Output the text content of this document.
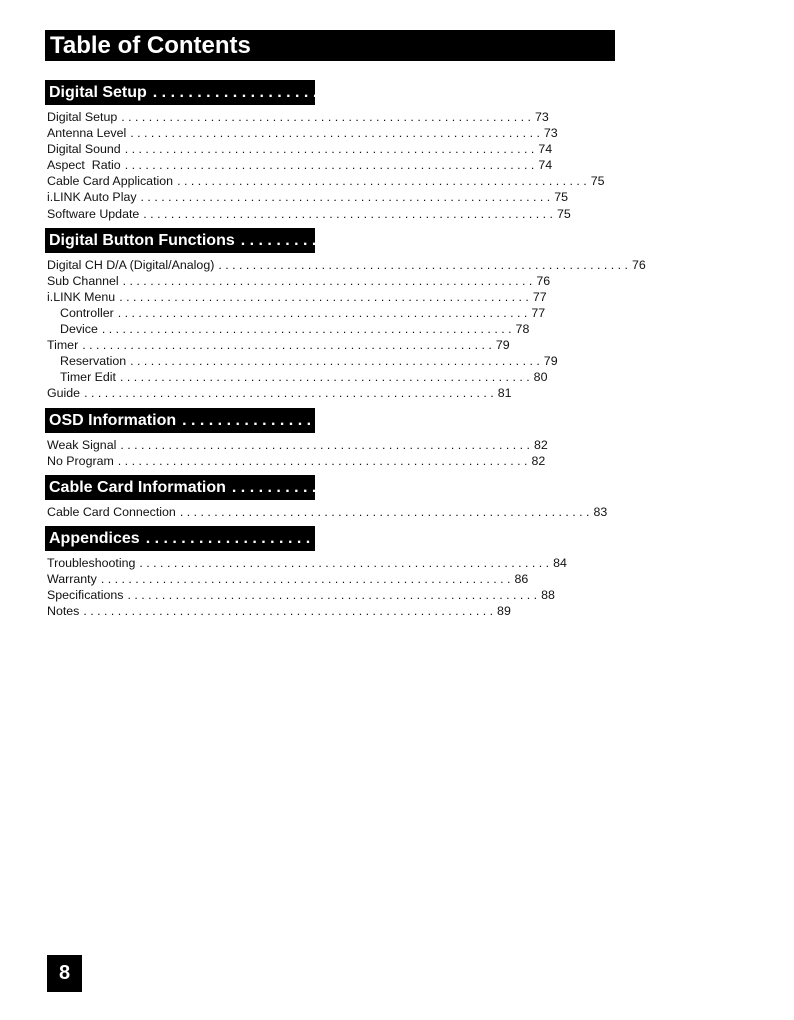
Table of Contents
Digital Setup . . . . . . . . . . . . . . . . . . . . . . . . . . . . . . . . . . . . . . . . . . . . . . . . . . . . . . . . . . . . 73
Digital Setup . . . . . . . . . . . . . . . . . . . . . . . . . . . . . . . . . . . . . . . . . . . . . . . . . . . . . . . . . . . . 73
Antenna Level . . . . . . . . . . . . . . . . . . . . . . . . . . . . . . . . . . . . . . . . . . . . . . . . . . . . . . . . . . . . 73
Digital Sound . . . . . . . . . . . . . . . . . . . . . . . . . . . . . . . . . . . . . . . . . . . . . . . . . . . . . . . . . . . . 74
Aspect  Ratio . . . . . . . . . . . . . . . . . . . . . . . . . . . . . . . . . . . . . . . . . . . . . . . . . . . . . . . . . . . . 74
Cable Card Application . . . . . . . . . . . . . . . . . . . . . . . . . . . . . . . . . . . . . . . . . . . . . . . . . . . . . . . . . . . . 75
i.LINK Auto Play . . . . . . . . . . . . . . . . . . . . . . . . . . . . . . . . . . . . . . . . . . . . . . . . . . . . . . . . . . . . 75
Software Update . . . . . . . . . . . . . . . . . . . . . . . . . . . . . . . . . . . . . . . . . . . . . . . . . . . . . . . . . . . . 75
Digital Button Functions . . . . . . . . . . . . . . . . . . . . . . . . . . . . . . . . . . . . . . . . . . . . . . . . . . . . . . . . . . . . 76
Digital CH D/A (Digital/Analog) . . . . . . . . . . . . . . . . . . . . . . . . . . . . . . . . . . . . . . . . . . . . . . . . . . . . . . . . . . . . 76
Sub Channel . . . . . . . . . . . . . . . . . . . . . . . . . . . . . . . . . . . . . . . . . . . . . . . . . . . . . . . . . . . . 76
i.LINK Menu . . . . . . . . . . . . . . . . . . . . . . . . . . . . . . . . . . . . . . . . . . . . . . . . . . . . . . . . . . . . 77
Controller . . . . . . . . . . . . . . . . . . . . . . . . . . . . . . . . . . . . . . . . . . . . . . . . . . . . . . . . . . . . 77
Device . . . . . . . . . . . . . . . . . . . . . . . . . . . . . . . . . . . . . . . . . . . . . . . . . . . . . . . . . . . . 78
Timer . . . . . . . . . . . . . . . . . . . . . . . . . . . . . . . . . . . . . . . . . . . . . . . . . . . . . . . . . . . . 79
Reservation . . . . . . . . . . . . . . . . . . . . . . . . . . . . . . . . . . . . . . . . . . . . . . . . . . . . . . . . . . . . 79
Timer Edit . . . . . . . . . . . . . . . . . . . . . . . . . . . . . . . . . . . . . . . . . . . . . . . . . . . . . . . . . . . . 80
Guide . . . . . . . . . . . . . . . . . . . . . . . . . . . . . . . . . . . . . . . . . . . . . . . . . . . . . . . . . . . . 81
OSD Information . . . . . . . . . . . . . . . . . . . . . . . . . . . . . . . . . . . . . . . . . . . . . . . . . . . . . . . . . . . . 82
Weak Signal . . . . . . . . . . . . . . . . . . . . . . . . . . . . . . . . . . . . . . . . . . . . . . . . . . . . . . . . . . . . 82
No Program . . . . . . . . . . . . . . . . . . . . . . . . . . . . . . . . . . . . . . . . . . . . . . . . . . . . . . . . . . . . 82
Cable Card Information . . . . . . . . . . . . . . . . . . . . . . . . . . . . . . . . . . . . . . . . . . . . . . . . . . . . . . . . . . . . 83
Cable Card Connection . . . . . . . . . . . . . . . . . . . . . . . . . . . . . . . . . . . . . . . . . . . . . . . . . . . . . . . . . . . . 83
Appendices . . . . . . . . . . . . . . . . . . . . . . . . . . . . . . . . . . . . . . . . . . . . . . . . . . . . . . . . . . . . 84
Troubleshooting . . . . . . . . . . . . . . . . . . . . . . . . . . . . . . . . . . . . . . . . . . . . . . . . . . . . . . . . . . . . 84
Warranty . . . . . . . . . . . . . . . . . . . . . . . . . . . . . . . . . . . . . . . . . . . . . . . . . . . . . . . . . . . . 86
Specifications . . . . . . . . . . . . . . . . . . . . . . . . . . . . . . . . . . . . . . . . . . . . . . . . . . . . . . . . . . . . 88
Notes . . . . . . . . . . . . . . . . . . . . . . . . . . . . . . . . . . . . . . . . . . . . . . . . . . . . . . . . . . . . 89
8
